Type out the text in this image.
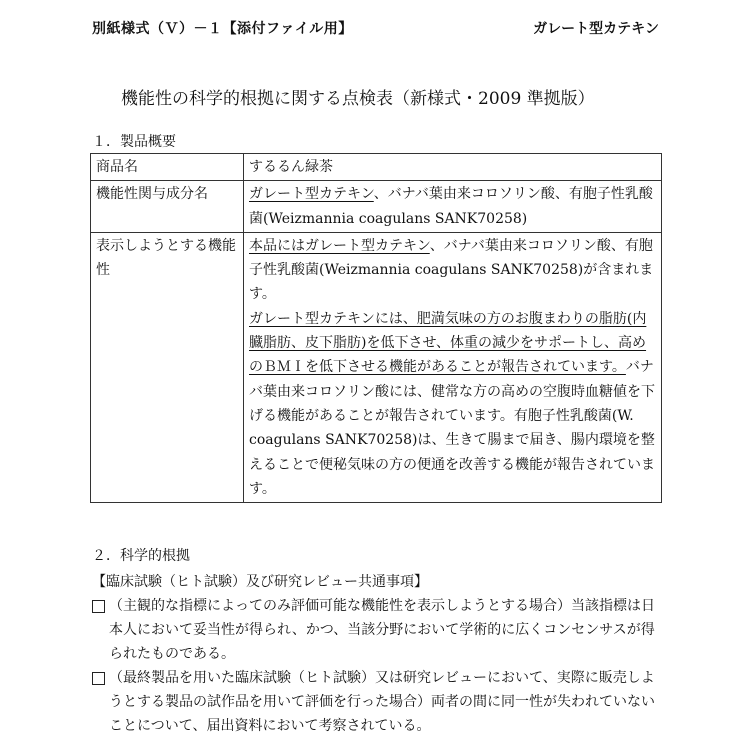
別紙様式（Ｖ）－１【添付ファイル用】	ガレート型カテキン
機能性の科学的根拠に関する点検表（新様式・2009 準拠版）
１．製品概要
商品名	するるん緑茶
機能性関与成分名	ガレート型カテキン、バナバ葉由来コロソリン酸、有胞子性乳酸菌(Weizmannia coagulans SANK70258)
表示しようとする機能性	本品にはガレート型カテキン、バナバ葉由来コロソリン酸、有胞子性乳酸菌(Weizmannia coagulans SANK70258)が含まれます。
ガレート型カテキンには、肥満気味の方のお腹まわりの脂肪(内臓脂肪、皮下脂肪)を低下させ、体重の減少をサポートし、高めのＢＭＩを低下させる機能があることが報告されています。バナバ葉由来コロソリン酸には、健常な方の高めの空腹時血糖値を下げる機能があることが報告されています。有胞子性乳酸菌(W. coagulans SANK70258)は、生きて腸まで届き、腸内環境を整えることで便秘気味の方の便通を改善する機能が報告されています。
２．科学的根拠
【臨床試験（ヒト試験）及び研究レビュー共通事項】
（主観的な指標によってのみ評価可能な機能性を表示しようとする場合）当該指標は日本人において妥当性が得られ、かつ、当該分野において学術的に広くコンセンサスが得られたものである。
（最終製品を用いた臨床試験（ヒト試験）又は研究レビューにおいて、実際に販売しようとする製品の試作品を用いて評価を行った場合）両者の間に同一性が失われていないことについて、届出資料において考察されている。
